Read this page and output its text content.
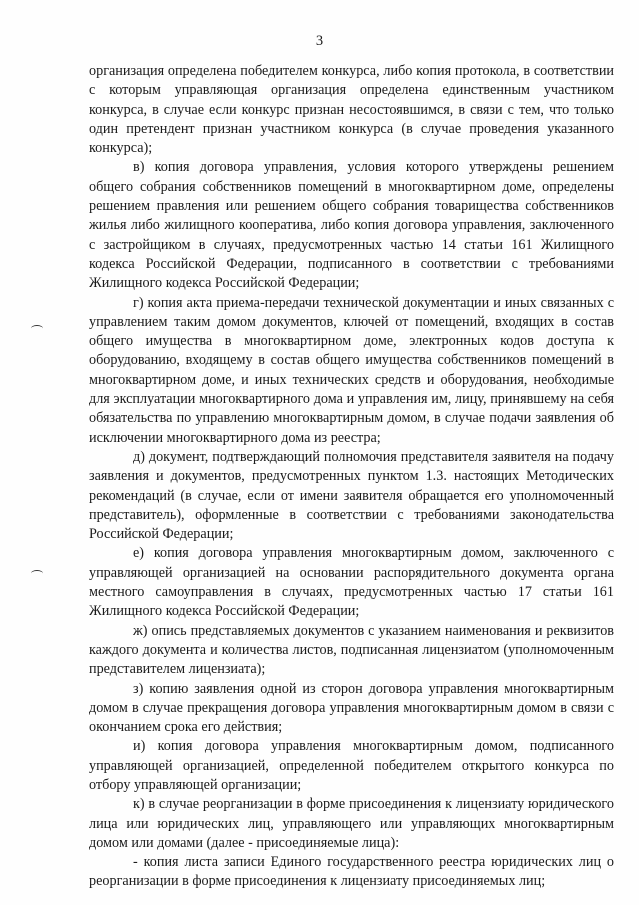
3

организация определена победителем конкурса, либо копия протокола, в соответствии с которым управляющая организация определена единственным участником конкурса, в случае если конкурс признан несостоявшимся, в связи с тем, что только один претендент признан участником конкурса (в случае проведения указанного конкурса);

в) копия договора управления, условия которого утверждены решением общего собрания собственников помещений в многоквартирном доме, определены решением правления или решением общего собрания товарищества собственников жилья либо жилищного кооператива, либо копия договора управления, заключенного с застройщиком в случаях, предусмотренных частью 14 статьи 161 Жилищного кодекса Российской Федерации, подписанного в соответствии с требованиями Жилищного кодекса Российской Федерации;

г) копия акта приема-передачи технической документации и иных связанных с управлением таким домом документов, ключей от помещений, входящих в состав общего имущества в многоквартирном доме, электронных кодов доступа к оборудованию, входящему в состав общего имущества собственников помещений в многоквартирном доме, и иных технических средств и оборудования, необходимые для эксплуатации многоквартирного дома и управления им, лицу, принявшему на себя обязательства по управлению многоквартирным домом, в случае подачи заявления об исключении многоквартирного дома из реестра;

д) документ, подтверждающий полномочия представителя заявителя на подачу заявления и документов, предусмотренных пунктом 1.3. настоящих Методических рекомендаций (в случае, если от имени заявителя обращается его уполномоченный представитель), оформленные в соответствии с требованиями законодательства Российской Федерации;

е) копия договора управления многоквартирным домом, заключенного с управляющей организацией на основании распорядительного документа органа местного самоуправления в случаях, предусмотренных частью 17 статьи 161 Жилищного кодекса Российской Федерации;

ж) опись представляемых документов с указанием наименования и реквизитов каждого документа и количества листов, подписанная лицензиатом (уполномоченным представителем лицензиата);

з) копию заявления одной из сторон договора управления многоквартирным домом в случае прекращения договора управления многоквартирным домом в связи с окончанием срока его действия;

и) копия договора управления многоквартирным домом, подписанного управляющей организацией, определенной победителем открытого конкурса по отбору управляющей организации;

к) в случае реорганизации в форме присоединения к лицензиату юридического лица или юридических лиц, управляющего или управляющих многоквартирным домом или домами (далее - присоединяемые лица):

- копия листа записи Единого государственного реестра юридических лиц о реорганизации в форме присоединения к лицензиату присоединяемых лиц;
